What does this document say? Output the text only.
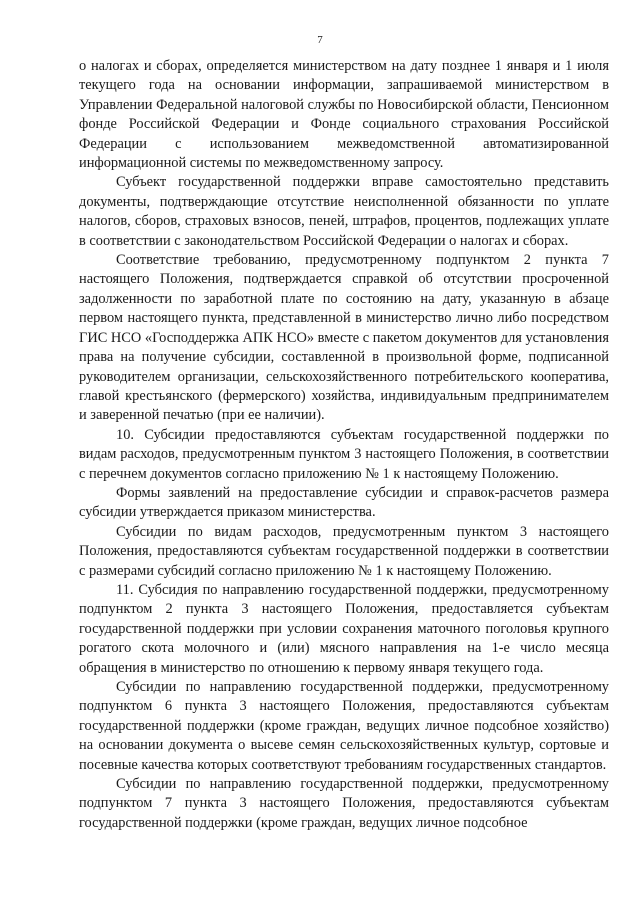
7

о налогах и сборах, определяется министерством на дату позднее 1 января и 1 июля текущего года на основании информации, запрашиваемой министерством в Управлении Федеральной налоговой службы по Новосибирской области, Пенсионном фонде Российской Федерации и Фонде социального страхования Российской Федерации с использованием межведомственной автоматизированной информационной системы по межведомственному запросу.

Субъект государственной поддержки вправе самостоятельно представить документы, подтверждающие отсутствие неисполненной обязанности по уплате налогов, сборов, страховых взносов, пеней, штрафов, процентов, подлежащих уплате в соответствии с законодательством Российской Федерации о налогах и сборах.

Соответствие требованию, предусмотренному подпунктом 2 пункта 7 настоящего Положения, подтверждается справкой об отсутствии просроченной задолженности по заработной плате по состоянию на дату, указанную в абзаце первом настоящего пункта, представленной в министерство лично либо посредством ГИС НСО «Господдержка АПК НСО» вместе с пакетом документов для установления права на получение субсидии, составленной в произвольной форме, подписанной руководителем организации, сельскохозяйственного потребительского кооператива, главой крестьянского (фермерского) хозяйства, индивидуальным предпринимателем и заверенной печатью (при ее наличии).

10. Субсидии предоставляются субъектам государственной поддержки по видам расходов, предусмотренным пунктом 3 настоящего Положения, в соответствии с перечнем документов согласно приложению № 1 к настоящему Положению.

Формы заявлений на предоставление субсидии и справок-расчетов размера субсидии утверждается приказом министерства.

Субсидии по видам расходов, предусмотренным пунктом 3 настоящего Положения, предоставляются субъектам государственной поддержки в соответствии с размерами субсидий согласно приложению № 1 к настоящему Положению.

11. Субсидия по направлению государственной поддержки, предусмотренному подпунктом 2 пункта 3 настоящего Положения, предоставляется субъектам государственной поддержки при условии сохранения маточного поголовья крупного рогатого скота молочного и (или) мясного направления на 1-е число месяца обращения в министерство по отношению к первому января текущего года.

Субсидии по направлению государственной поддержки, предусмотренному подпунктом 6 пункта 3 настоящего Положения, предоставляются субъектам государственной поддержки (кроме граждан, ведущих личное подсобное хозяйство) на основании документа о высеве семян сельскохозяйственных культур, сортовые и посевные качества которых соответствуют требованиям государственных стандартов.

Субсидии по направлению государственной поддержки, предусмотренному подпунктом 7 пункта 3 настоящего Положения, предоставляются субъектам государственной поддержки (кроме граждан, ведущих личное подсобное
